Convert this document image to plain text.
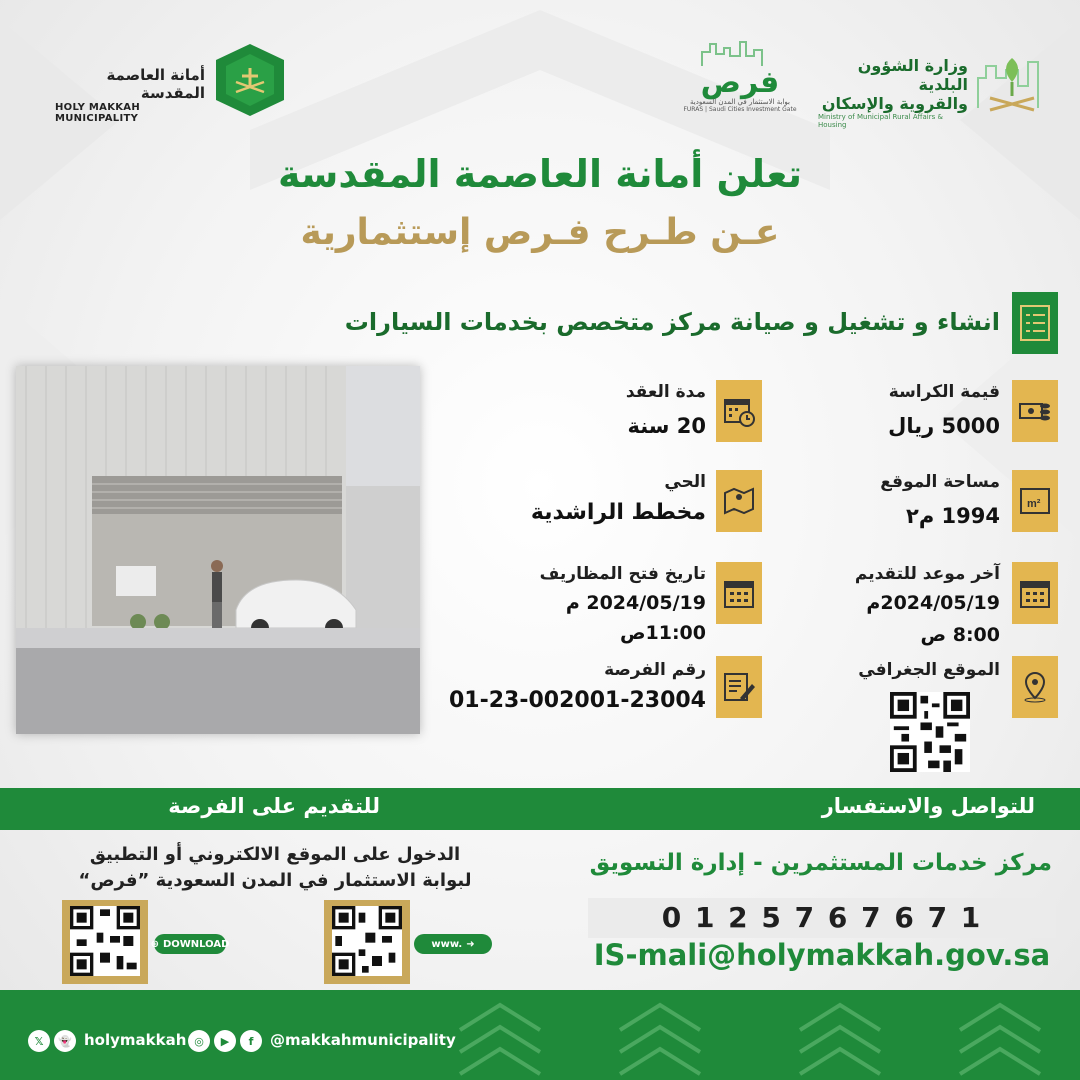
أمانة العاصمة المقدسة
HOLY MAKKAH MUNICIPALITY
فرص
بوابة الاستثمار في المدن السعودية
FURAS | Saudi Cities Investment Gate
وزارة الشؤون البلدية
والقروية والإسكان
Ministry of Municipal Rural Affairs & Housing
تعلن أمانة العاصمة المقدسة
عـن طـرح فـرص إستثمارية
انشاء و تشغيل و صيانة مركز متخصص بخدمات السيارات
قيمة الكراسة
5000 ريال
m²
مساحة الموقع
1994 م٢
آخر موعد للتقديم
2024/05/19م
8:00 ص
الموقع الجغرافي
مدة العقد
20 سنة
الحي
مخطط الراشدية
تاريخ فتح المظاريف
2024/05/19 م
11:00ص
رقم الفرصة
01-23-002001-23004
للتواصل والاستفسار
للتقديم على الفرصة
الدخول على الموقع الالكتروني أو التطبيق
لبوابة الاستثمار في المدن السعودية ”فرص“
⊕ DOWNLOAD	www. ➜
مركز خدمات المستثمرين - إدارة التسويق
0 1 2 5 7 6 7 6 7 1
IS-mali@holymakkah.gov.sa
𝕏	👻 holymakkah ◎	▶	f	@makkahmunicipality
